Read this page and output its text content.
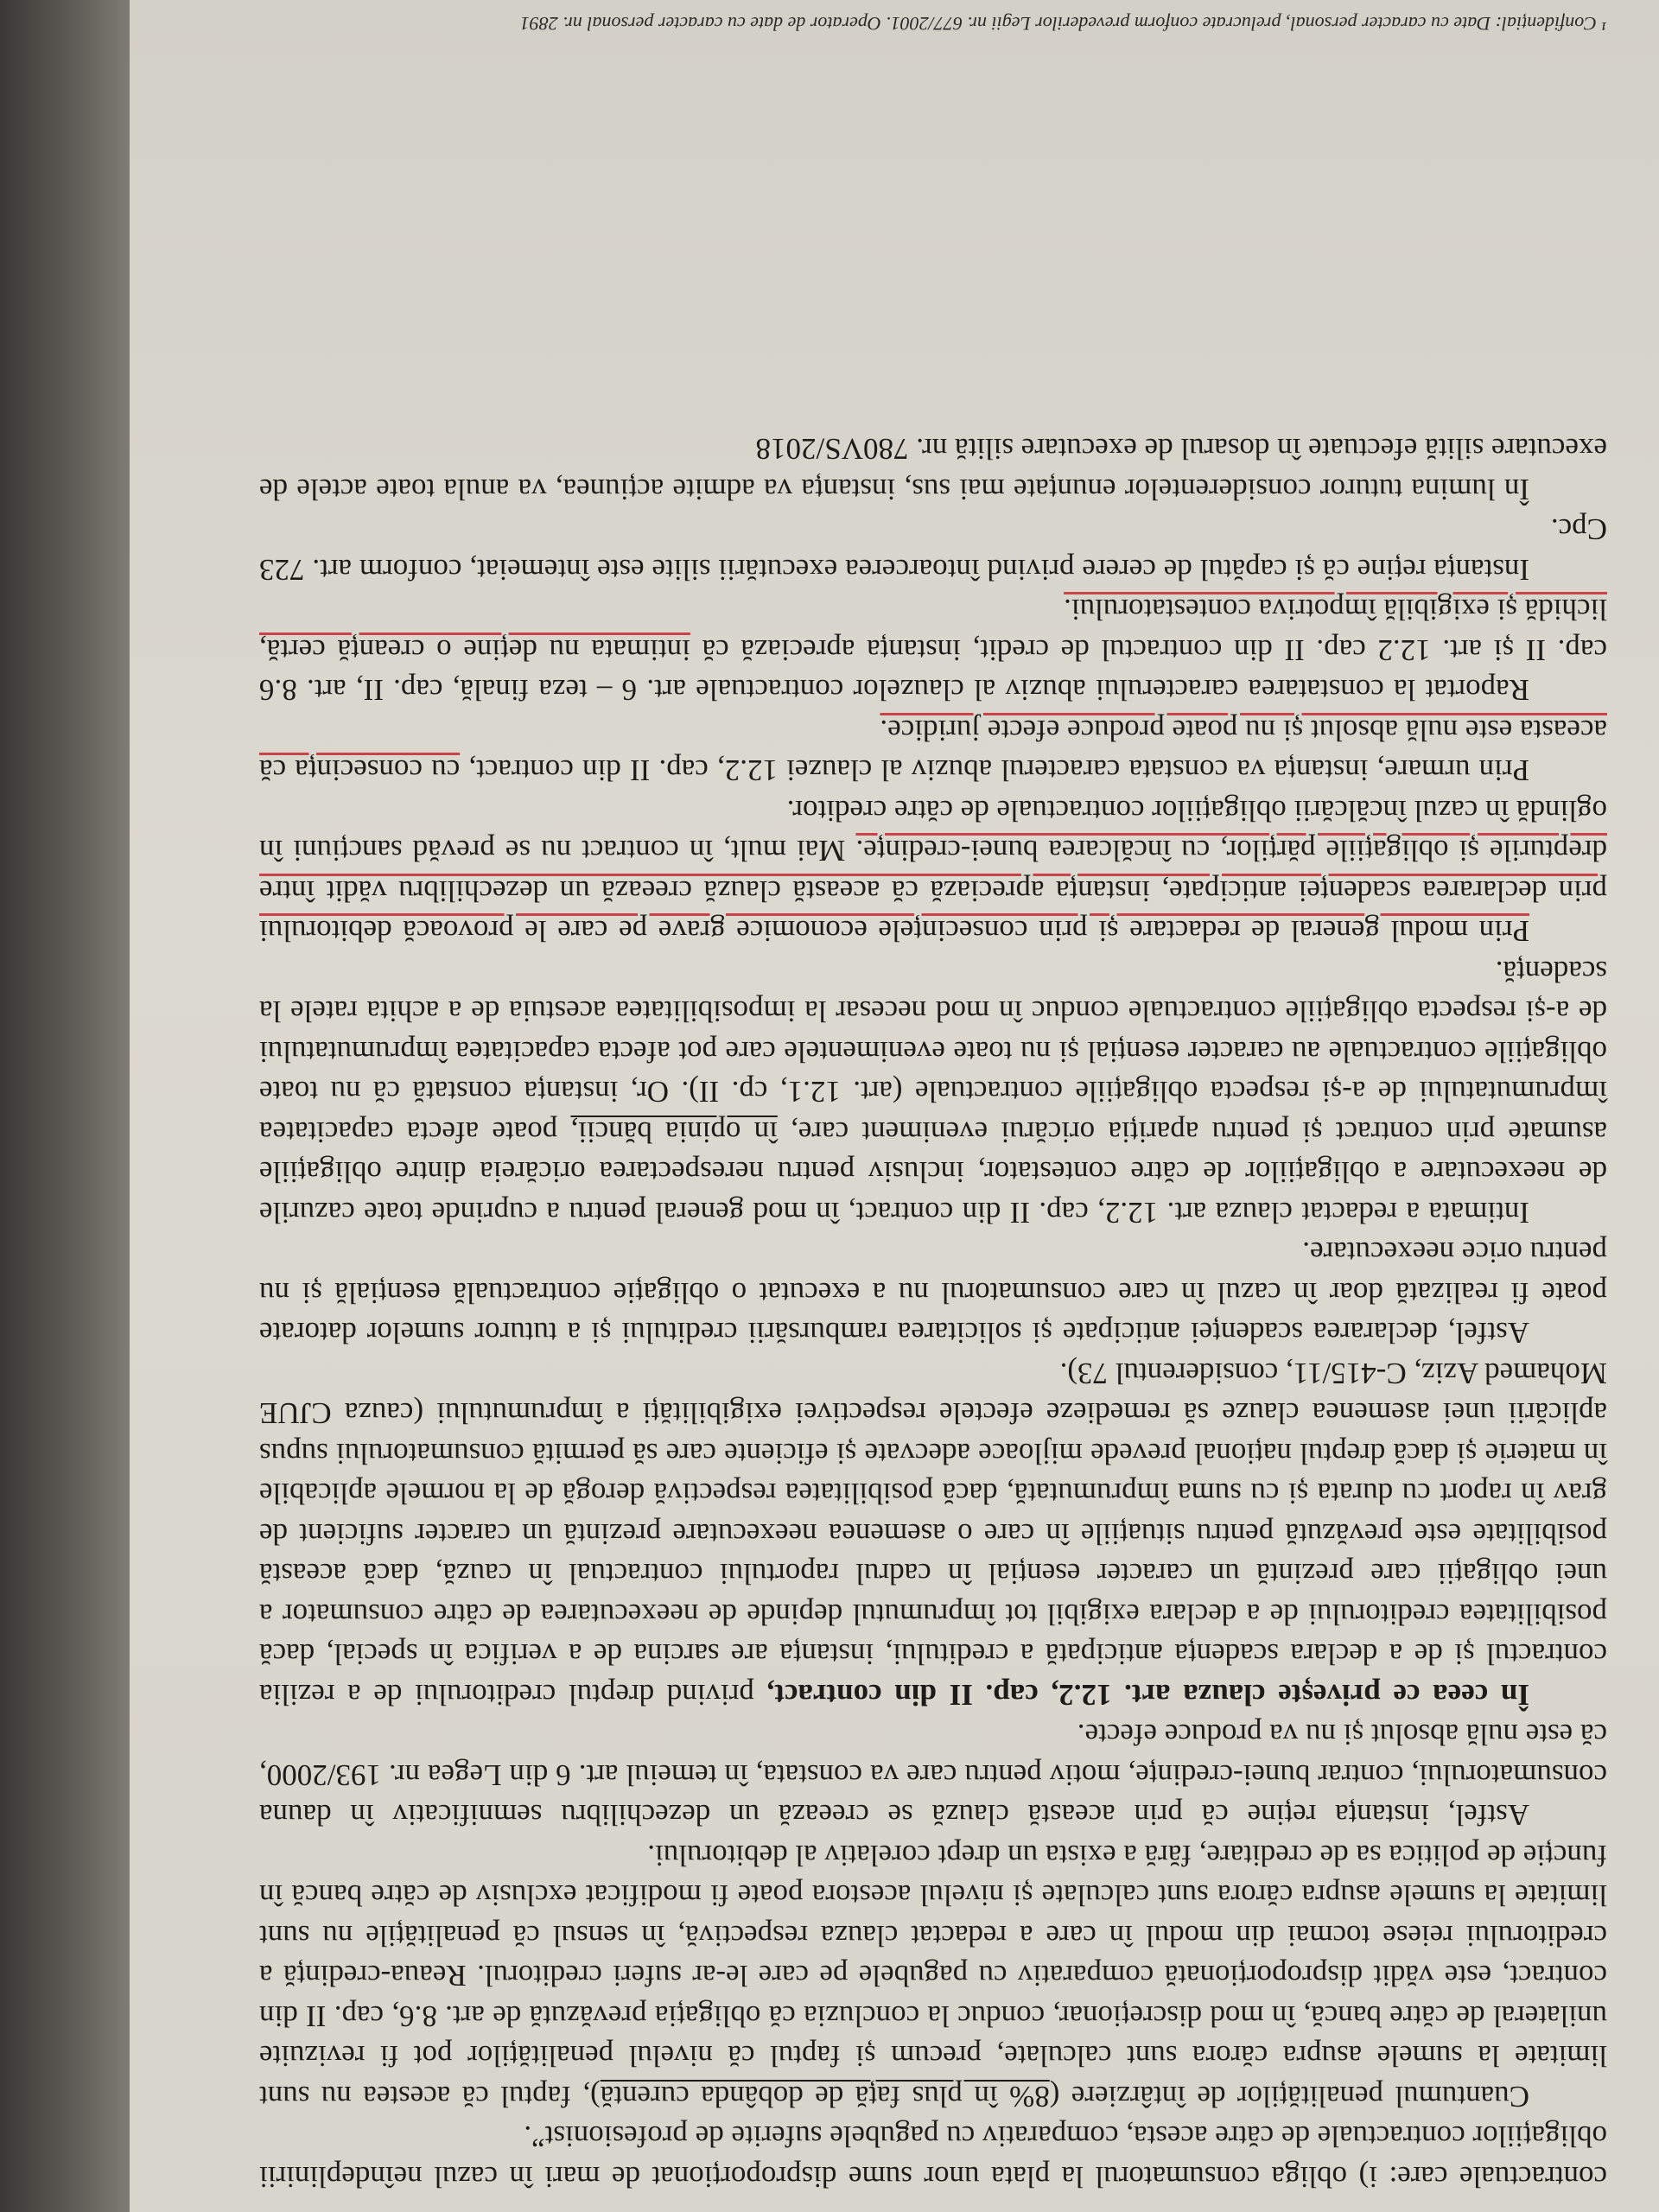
contractuale care: i) obliga consumatorul la plata unor sume disproporționat de mari în cazul neîndeplinirii obligațiilor contractuale de către acesta, comparativ cu pagubele suferite de profesionist”.

Cuantumul penalităților de întârziere (8% în plus față de dobânda curentă), faptul că acestea nu sunt limitate la sumele asupra cărora sunt calculate, precum și faptul că nivelul penalităților pot fi revizuite unilateral de către bancă, în mod discreționar, conduc la concluzia că obligația prevăzută de art. 8.6, cap. II din contract, este vădit disproporționată comparativ cu pagubele pe care le-ar suferi creditorul. Reaua-credință a creditorului reiese tocmai din modul în care a redactat clauza respectivă, în sensul că penalitățile nu sunt limitate la sumele asupra cărora sunt calculate și nivelul acestora poate fi modificat exclusiv de către bancă în funcție de politica sa de creditare, fără a exista un drept corelativ al debitorului.

Astfel, instanța reține că prin această clauză se creează un dezechilibru semnificativ în dauna consumatorului, contrar bunei-credințe, motiv pentru care va constata, în temeiul art. 6 din Legea nr. 193/2000, că este nulă absolut și nu va produce efecte.

În ceea ce privește clauza art. 12.2, cap. II din contract, privind dreptul creditorului de a rezilia contractul și de a declara scadența anticipată a creditului, instanța are sarcina de a verifica în special, dacă posibilitatea creditorului de a declara exigibil tot împrumutul depinde de neexecutarea de către consumator a unei obligații care prezintă un caracter esențial în cadrul raportului contractual în cauză, dacă această posibilitate este prevăzută pentru situațiile în care o asemenea neexecutare prezintă un caracter suficient de grav în raport cu durata și cu suma împrumutată, dacă posibilitatea respectivă derogă de la normele aplicabile în materie și dacă dreptul național prevede mijloace adecvate și eficiente care să permită consumatorului supus aplicării unei asemenea clauze să remedieze efectele respectivei exigibilități a împrumutului (cauza CJUE Mohamed Aziz, C-415/11, considerentul 73).

Astfel, declararea scadenței anticipate și solicitarea rambursării creditului și a tuturor sumelor datorate poate fi realizată doar în cazul în care consumatorul nu a executat o obligație contractuală esențială și nu pentru orice neexecutare.

Intimata a redactat clauza art. 12.2, cap. II din contract, în mod general pentru a cuprinde toate cazurile de neexecutare a obligațiilor de către contestator, inclusiv pentru nerespectarea oricăreia dintre obligațiile asumate prin contract și pentru apariția oricărui eveniment care, în opinia băncii, poate afecta capacitatea împrumutatului de a-și respecta obligațiile contractuale (art. 12.1, cp. II). Or, instanța constată că nu toate obligațiile contractuale au caracter esențial și nu toate evenimentele care pot afecta capacitatea împrumutatului de a-și respecta obligațiile contractuale conduc în mod necesar la imposibilitatea acestuia de a achita ratele la scadență.

Prin modul general de redactare și prin consecințele economice grave pe care le provoacă debitorului prin declararea scadenței anticipate, instanța apreciază că această clauză creează un dezechilibru vădit între drepturile și obligațiile părților, cu încălcarea bunei-credințe. Mai mult, în contract nu se prevăd sancțiuni în oglindă în cazul încălcării obligațiilor contractuale de către creditor.

Prin urmare, instanța va constata caracterul abuziv al clauzei 12.2, cap. II din contract, cu consecința că aceasta este nulă absolut și nu poate produce efecte juridice.

Raportat la constatarea caracterului abuziv al clauzelor contractuale art. 6 – teza finală, cap. II, art. 8.6 cap. II și art. 12.2 cap. II din contractul de credit, instanța apreciază că intimata nu deține o creanță certă, lichidă și exigibilă împotriva contestatorului.

Instanța reține că și capătul de cerere privind întoarcerea executării silite este întemeiat, conform art. 723 Cpc.

În lumina tuturor considerentelor enunțate mai sus, instanța va admite acțiunea, va anula toate actele de executare silită efectuate în dosarul de executare silită nr. 780VS/2018

¹ Confidențial: Date cu caracter personal, prelucrate conform prevederilor Legii nr. 677/2001. Operator de date cu caracter personal nr. 2891
